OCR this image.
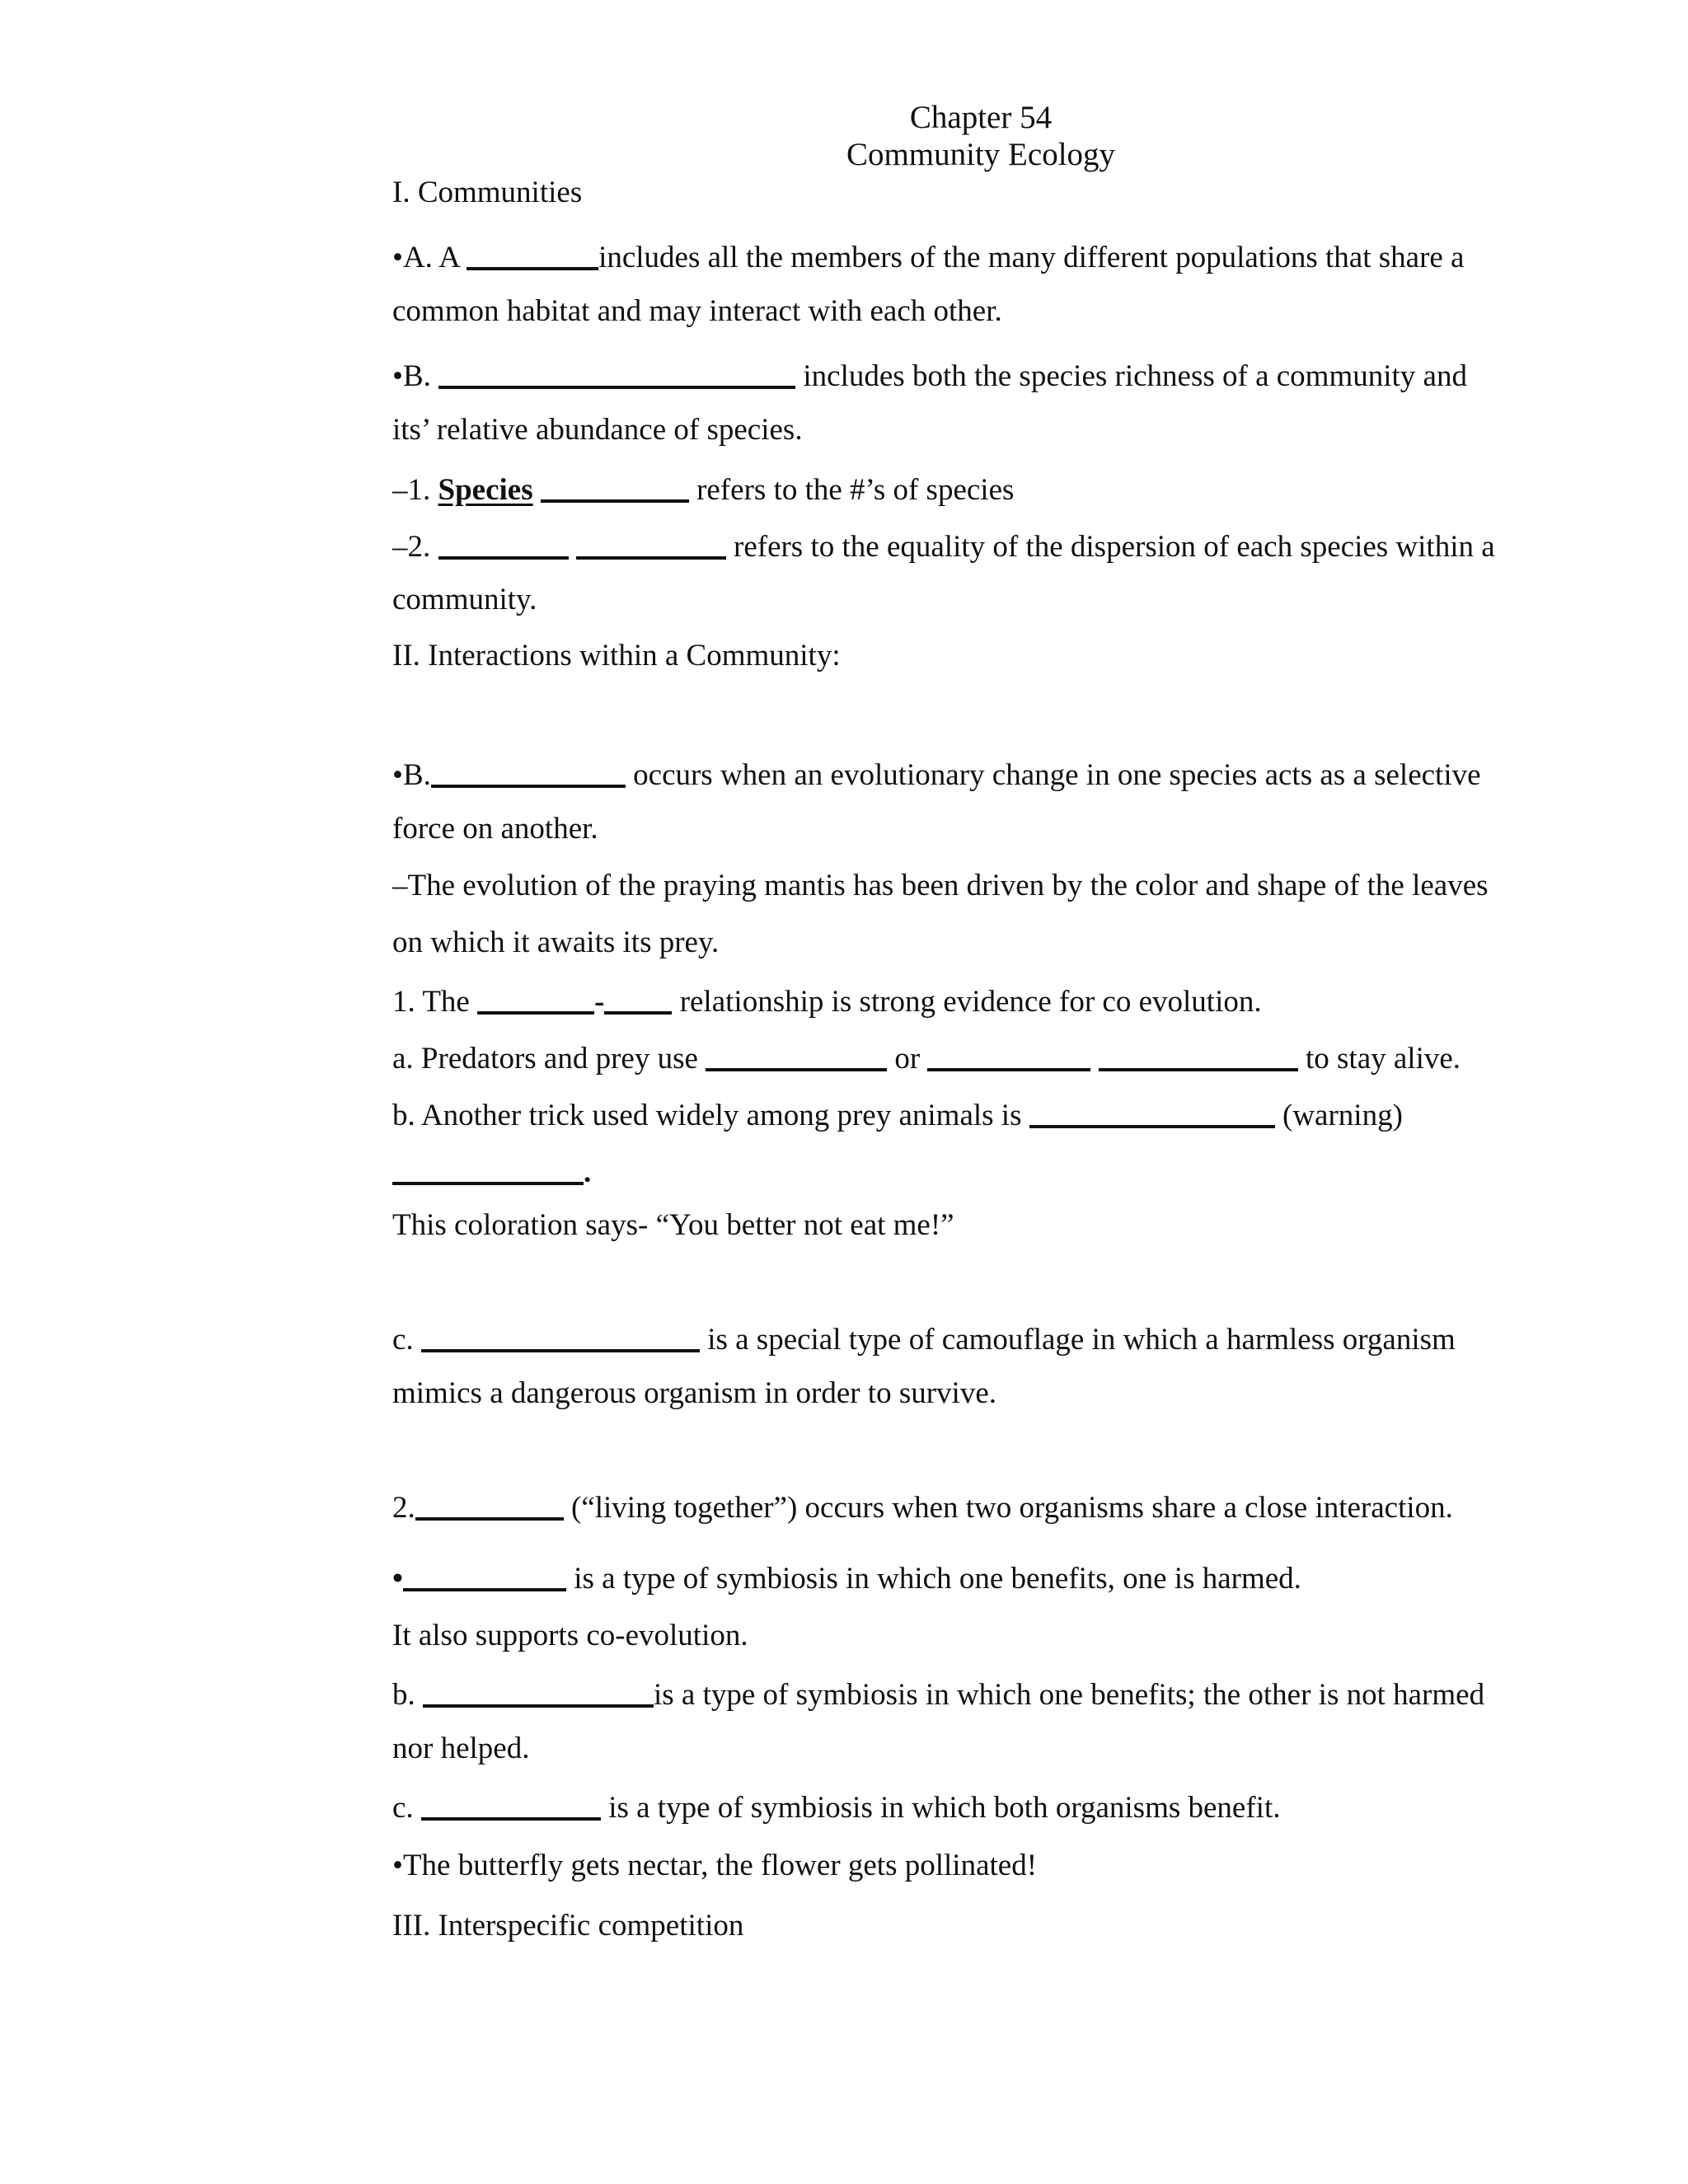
Chapter 54

Community Ecology

I. Communities

•A. A	includes all the members of the many different populations that share a

common habitat and may interact with each other.

•B.	includes both the species richness of a community and

its’ relative abundance of species.

–1. Species	refers to the #’s of species

–2.	refers to the equality of the dispersion of each species within a

community.

II. Interactions within a Community:

•B.	occurs when an evolutionary change in one species acts as a selective

force on another.

–The evolution of the praying mantis has been driven by the color and shape of the leaves

on which it awaits its prey.

1. The	- relationship is strong evidence for co evolution.

a. Predators and prey use	or	to stay alive.

b. Another trick used widely among prey animals is	(warning)

.

This coloration says- “You better not eat me!”

c.	is a special type of camouflage in which a harmless organism

mimics a dangerous organism in order to survive.

2.	(“living together”) occurs when two organisms share a close interaction.

•	is a type of symbiosis in which one benefits, one is harmed.

It also supports co-evolution.

b.	is a type of symbiosis in which one benefits; the other is not harmed

nor helped.

c.	is a type of symbiosis in which both organisms benefit.

•The butterfly gets nectar, the flower gets pollinated!

III. Interspecific competition
